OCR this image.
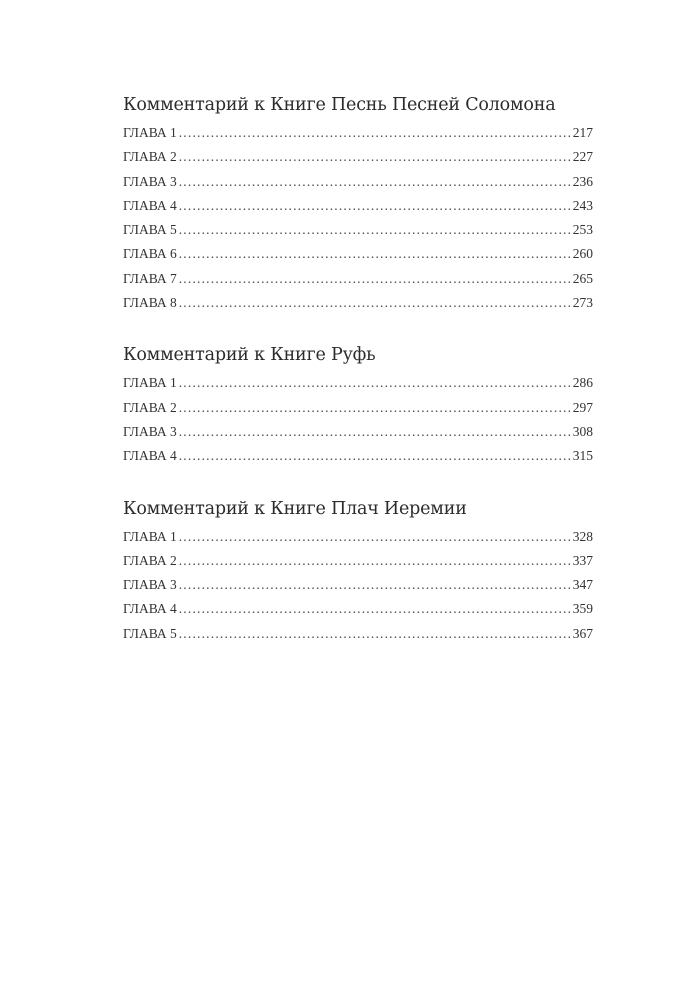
Комментарий к Книге Песнь Песней Соломона
ГЛАВА 1 .....	217
ГЛАВА 2 .....	227
ГЛАВА 3 .....	236
ГЛАВА 4 .....	243
ГЛАВА 5 .....	253
ГЛАВА 6 .....	260
ГЛАВА 7 .....	265
ГЛАВА 8 .....	273
Комментарий к Книге Руфь
ГЛАВА 1 .....	286
ГЛАВА 2 .....	297
ГЛАВА 3 .....	308
ГЛАВА 4 .....	315
Комментарий к Книге Плач Иеремии
ГЛАВА 1 .....	328
ГЛАВА 2 .....	337
ГЛАВА 3 .....	347
ГЛАВА 4 .....	359
ГЛАВА 5 .....	367
